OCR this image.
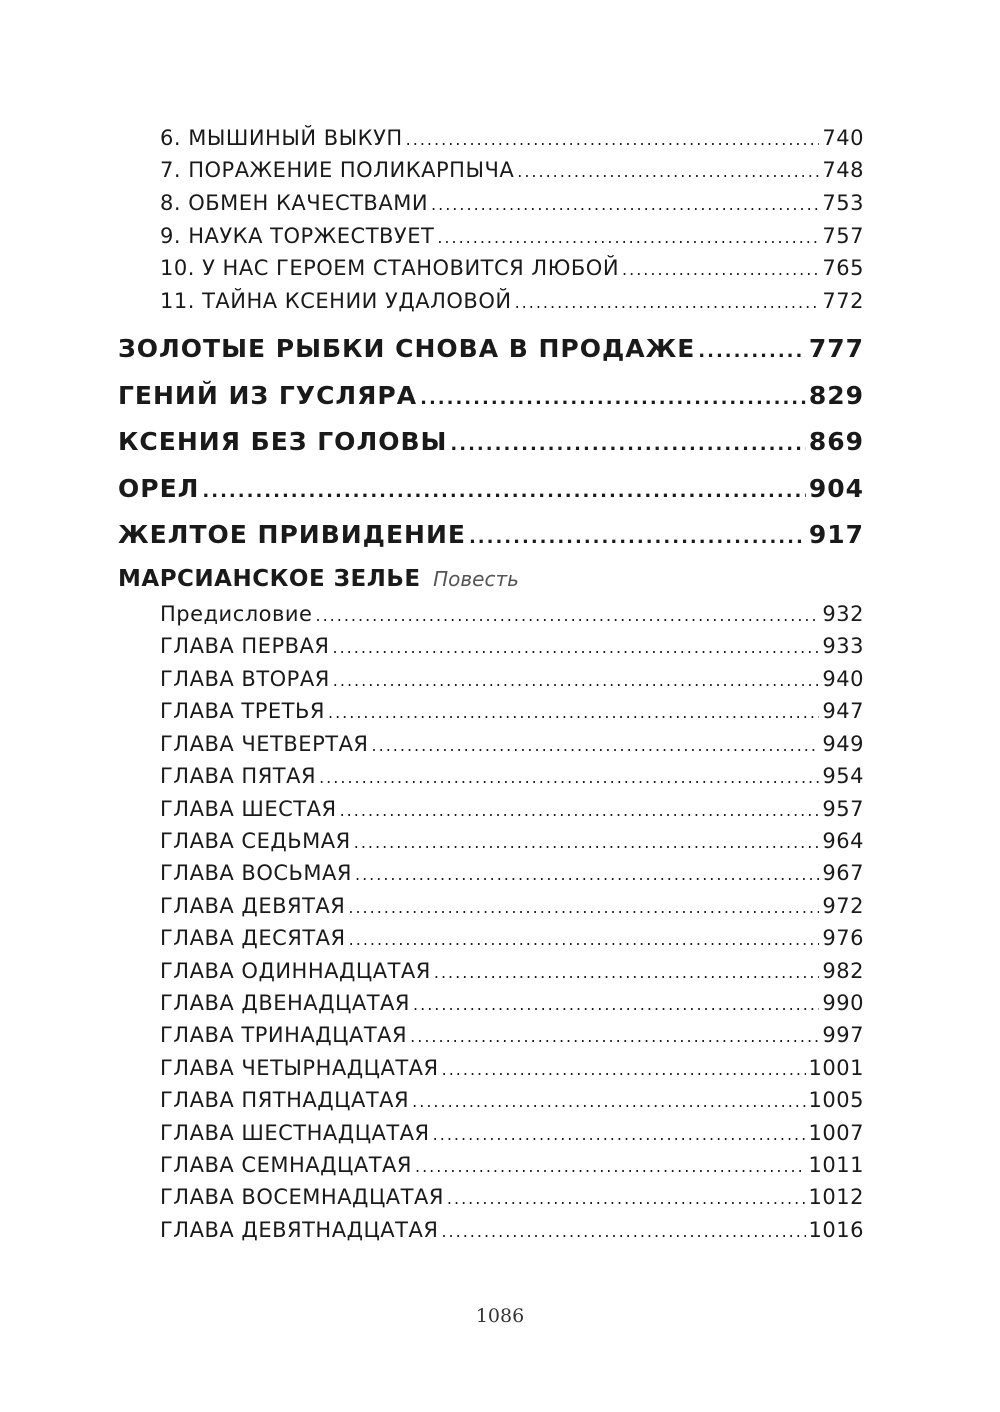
6. МЫШИНЫЙ ВЫКУП .....	740
7. ПОРАЖЕНИЕ ПОЛИКАРПЫЧА .....	748
8. ОБМЕН КАЧЕСТВАМИ .....	753
9. НАУКА ТОРЖЕСТВУЕТ .....	757
10. У НАС ГЕРОЕМ СТАНОВИТСЯ ЛЮБОЙ .....	765
11. ТАЙНА КСЕНИИ УДАЛОВОЙ .....	772
ЗОЛОТЫЕ РЫБКИ СНОВА В ПРОДАЖЕ .....	777
ГЕНИЙ ИЗ ГУСЛЯРА .....	829
КСЕНИЯ БЕЗ ГОЛОВЫ .....	869
ОРЕЛ .....	904
ЖЕЛТОЕ ПРИВИДЕНИЕ .....	917
МАРСИАНСКОЕ ЗЕЛЬЕ Повесть
Предисловие .....	932
ГЛАВА ПЕРВАЯ .....	933
ГЛАВА ВТОРАЯ .....	940
ГЛАВА ТРЕТЬЯ .....	947
ГЛАВА ЧЕТВЕРТАЯ .....	949
ГЛАВА ПЯТАЯ .....	954
ГЛАВА ШЕСТАЯ .....	957
ГЛАВА СЕДЬМАЯ .....	964
ГЛАВА ВОСЬМАЯ .....	967
ГЛАВА ДЕВЯТАЯ .....	972
ГЛАВА ДЕСЯТАЯ .....	976
ГЛАВА ОДИННАДЦАТАЯ .....	982
ГЛАВА ДВЕНАДЦАТАЯ .....	990
ГЛАВА ТРИНАДЦАТАЯ .....	997
ГЛАВА ЧЕТЫРНАДЦАТАЯ .....	1001
ГЛАВА ПЯТНАДЦАТАЯ .....	1005
ГЛАВА ШЕСТНАДЦАТАЯ .....	1007
ГЛАВА СЕМНАДЦАТАЯ .....	1011
ГЛАВА ВОСЕМНАДЦАТАЯ .....	1012
ГЛАВА ДЕВЯТНАДЦАТАЯ .....	1016
1086
